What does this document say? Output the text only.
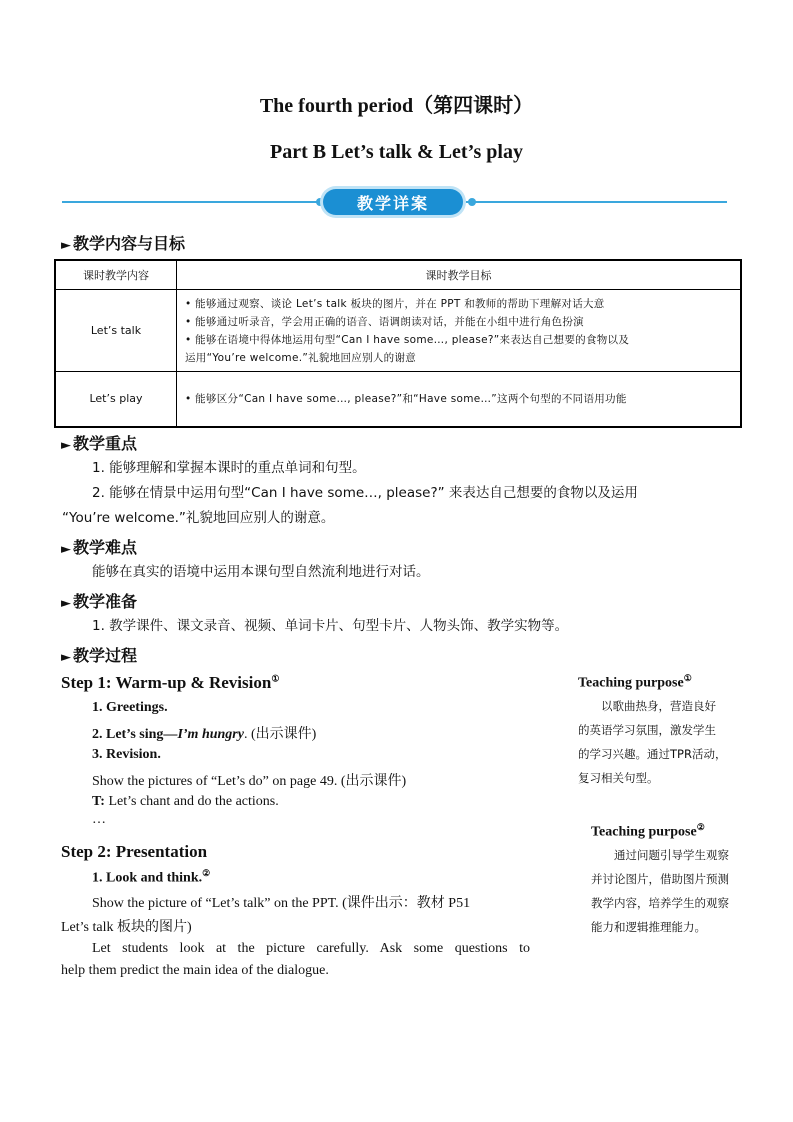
The fourth period（第四课时）
Part B Let’s talk & Let’s play
教学详案
► 教学内容与目标
课时教学内容	课时教学目标
Let’s talk	• 能够通过观察、谈论 Let’s talk 板块的图片，并在 PPT 和教师的帮助下理解对话大意
• 能够通过听录音，学会用正确的语音、语调朗读对话，并能在小组中进行角色扮演
• 能够在语境中得体地运用句型“Can I have some…, please?”来表达自己想要的食物以及
运用“You’re welcome.”礼貌地回应别人的谢意

Let’s play	• 能够区分“Can I have some…, please?”和“Have some…”这两个句型的不同语用功能
► 教学重点
1. 能够理解和掌握本课时的重点单词和句型。
2. 能够在情景中运用句型“Can I have some…, please?” 来表达自己想要的食物以及运用
“You’re welcome.”礼貌地回应别人的谢意。
► 教学难点
能够在真实的语境中运用本课句型自然流利地进行对话。
► 教学准备
1. 教学课件、课文录音、视频、单词卡片、句型卡片、人物头饰、教学实物等。
► 教学过程
Step 1: Warm-up & Revision①
1. Greetings.
2. Let’s sing—I’m hungry. (出示课件)
3. Revision.
Show the pictures of “Let’s do” on page 49. (出示课件)
T: Let’s chant and do the actions.
…
Step 2: Presentation
1. Look and think.②
Show the picture of “Let’s talk” on the PPT. (课件出示：教材 P51
Let’s talk 板块的图片)
Let students look at the picture carefully. Ask some questions to
help them predict the main idea of the dialogue.
Teaching purpose①
　　以歌曲热身，营造良好
的英语学习氛围，激发学生
的学习兴趣。通过TPR活动，
复习相关句型。
Teaching purpose②
　　通过问题引导学生观察
并讨论图片，借助图片预测
教学内容，培养学生的观察
能力和逻辑推理能力。
